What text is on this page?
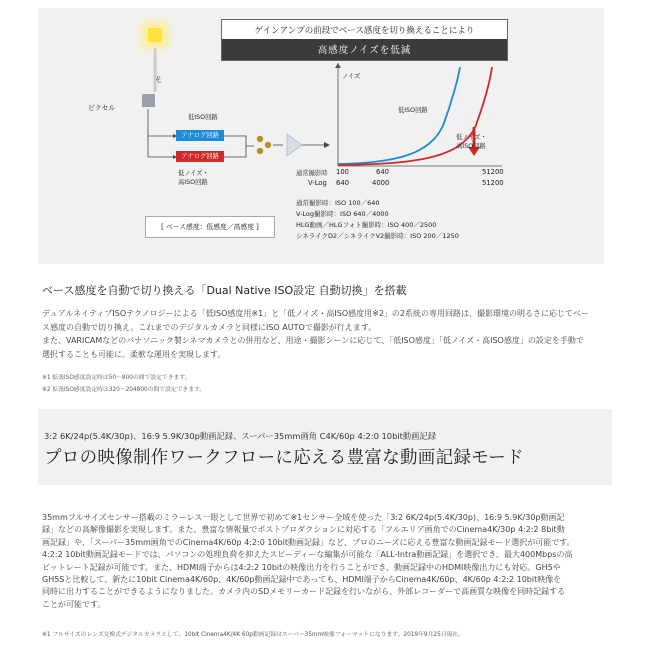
ゲインアンプの前段でベース感度を切り換えることにより
高感度ノイズを低減
光
ピクセル
低ISO回路
アナログ回路
アナログ回路
低ノイズ・
高ISO回路
ノイズ
低ISO回路
低ノイズ・
高ISO回路
通常撮影時 100	640	51200
V-Log 640	4000	51200
[ ベース感度：低感度／高感度 ]
通常撮影時：ISO 100／640
V-Log撮影時：ISO 640／4000
HLG動画／HLGフォト撮影時：ISO 400／2500
シネライクD2／シネライクV2撮影時：ISO 200／1250
ベース感度を自動で切り換える「Dual Native ISO設定 自動切換」を搭載
デュアルネイティブISOテクノロジーによる「低ISO感度用※1」と「低ノイズ・高ISO感度用※2」の2系統の専用回路は、撮影環境の明るさに応じてベー
ス感度の自動で切り換え。これまでのデジタルカメラと同様にISO AUTOで撮影が行えます。
また、VARICAMなどのパナソニック製シネマカメラとの併用など、用途・撮影シーンに応じて、「低ISO感度」「低ノイズ・高ISO感度」の設定を手動で
選択することも可能に。柔軟な運用を実現します。
※1 拡張ISO感度設定時は50～800の間で設定できます。
※2 拡張ISO感度設定時は320～204800の間で設定できます。
3:2 6K/24p(5.4K/30p)、16:9 5.9K/30p動画記録、スーパー35mm画角 C4K/60p 4:2:0 10bit動画記録
プロの映像制作ワークフローに応える豊富な動画記録モード
35mmフルサイズセンサー搭載のミラーレス一眼として世界で初めて※1センサー全域を使った「3:2 6K/24p(5.4K/30p)、16:9 5.9K/30p動画記
録」などの高解像撮影を実現します。また、豊富な情報量でポストプロダクションに対応する「フルエリア画角でのCinema4K/30p 4:2:2 8bit動
画記録」や、「スーパー35mm画角でのCinema4K/60p 4:2:0 10bit動画記録」など、プロのニーズに応える豊富な動画記録モード選択が可能です。
4:2:2 10bit動画記録モードでは、パソコンの処理負荷を抑えたスピーディーな編集が可能な「ALL-Intra動画記録」を選択でき、最大400Mbpsの高
ビットレート記録が可能です。また、HDMI端子からは4:2:2 10bitの映像出力を行うことができ、動画記録中のHDMI映像出力にも対応。GH5や
GH5Sと比較して、新たに10bit Cinema4K/60p、4K/60p動画記録中であっても、HDMI端子からCinema4K/60p、4K/60p 4:2:2 10bit映像を
同時に出力することができるようになりました。カメラ内のSDメモリーカード記録を行いながら、外部レコーダーで高画質な映像を同時記録する
ことが可能です。
※1 フルサイズのレンズ交換式デジタルカメラとして。10bit Cinema4K/4K 60p動画記録はスーパー35mm映像フォーマットになります。2019年9月25日現在。
